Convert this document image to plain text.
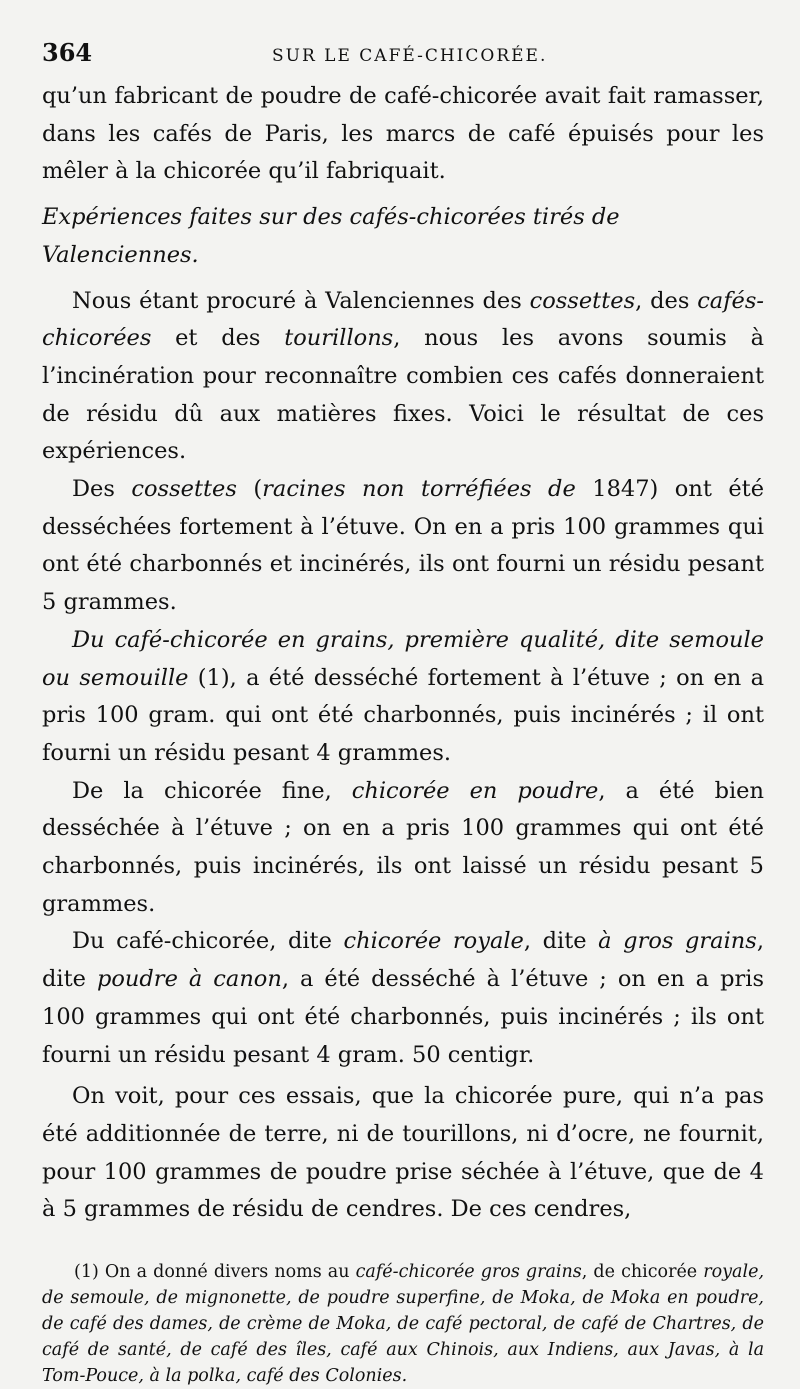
364	SUR LE CAFÉ-CHICORÉE.

qu’un fabricant de poudre de café-chicorée avait fait ramasser, dans les cafés de Paris, les marcs de café épuisés pour les mêler à la chicorée qu’il fabriquait.

Expériences faites sur des cafés-chicorées tirés de Valenciennes.

Nous étant procuré à Valenciennes des cossettes, des cafés-chicorées et des tourillons, nous les avons soumis à l’incinération pour reconnaître combien ces cafés donneraient de résidu dû aux matières fixes. Voici le résultat de ces expériences.

Des cossettes (racines non torréfiées de 1847) ont été desséchées fortement à l’étuve. On en a pris 100 grammes qui ont été charbonnés et incinérés, ils ont fourni un résidu pesant 5 grammes.

Du café-chicorée en grains, première qualité, dite semoule ou semouille (1), a été desséché fortement à l’étuve ; on en a pris 100 gram. qui ont été charbonnés, puis incinérés ; il ont fourni un résidu pesant 4 grammes.

De la chicorée fine, chicorée en poudre, a été bien desséchée à l’étuve ; on en a pris 100 grammes qui ont été charbonnés, puis incinérés, ils ont laissé un résidu pesant 5 grammes.

Du café-chicorée, dite chicorée royale, dite à gros grains, dite poudre à canon, a été desséché à l’étuve ; on en a pris 100 grammes qui ont été charbonnés, puis incinérés ; ils ont fourni un résidu pesant 4 gram. 50 centigr.

On voit, pour ces essais, que la chicorée pure, qui n’a pas été additionnée de terre, ni de tourillons, ni d’ocre, ne fournit, pour 100 grammes de poudre prise séchée à l’étuve, que de 4 à 5 grammes de résidu de cendres. De ces cendres,

(1) On a donné divers noms au café-chicorée gros grains, de chicorée royale, de semoule, de mignonette, de poudre superfine, de Moka, de Moka en poudre, de café des dames, de crème de Moka, de café pectoral, de café de Chartres, de café de santé, de café des îles, café aux Chinois, aux Indiens, aux Javas, à la Tom-Pouce, à la polka, café des Colonies.
